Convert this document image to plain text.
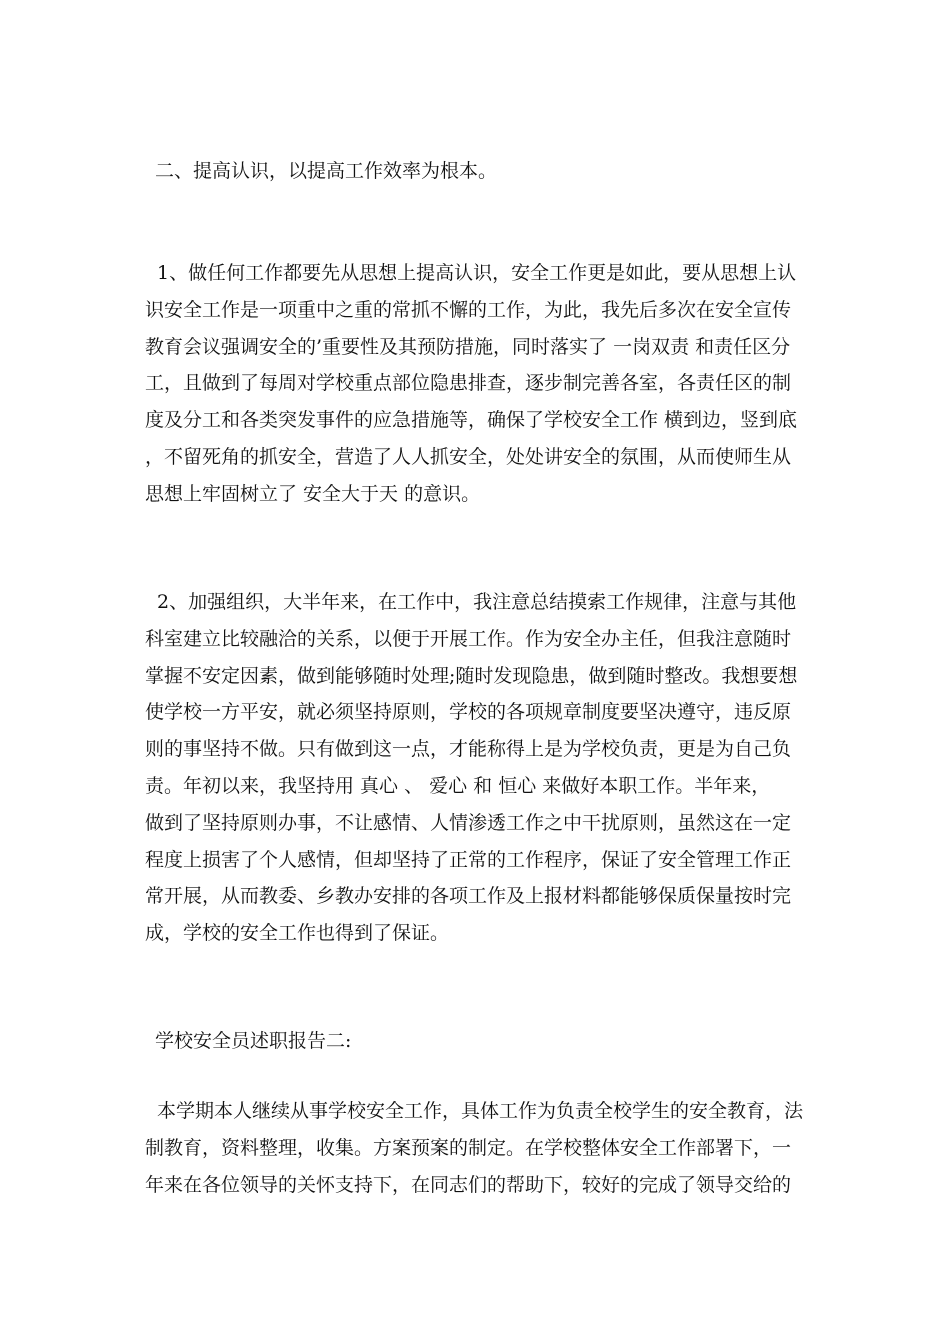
二、提高认识，以提高工作效率为根本。
1、做任何工作都要先从思想上提高认识，安全工作更是如此，要从思想上认
识安全工作是一项重中之重的常抓不懈的工作，为此，我先后多次在安全宣传
教育会议强调安全的’重要性及其预防措施，同时落实了 一岗双责 和责任区分
工，且做到了每周对学校重点部位隐患排查，逐步制完善各室，各责任区的制
度及分工和各类突发事件的应急措施等，确保了学校安全工作 横到边，竖到底
，不留死角的抓安全，营造了人人抓安全，处处讲安全的氛围，从而使师生从
思想上牢固树立了 安全大于天 的意识。
2、加强组织，大半年来，在工作中，我注意总结摸索工作规律，注意与其他
科室建立比较融洽的关系，以便于开展工作。作为安全办主任，但我注意随时
掌握不安定因素，做到能够随时处理;随时发现隐患，做到随时整改。我想要想
使学校一方平安，就必须坚持原则，学校的各项规章制度要坚决遵守，违反原
则的事坚持不做。只有做到这一点，才能称得上是为学校负责，更是为自己负
责。年初以来，我坚持用 真心 、 爱心 和 恒心 来做好本职工作。半年来，
做到了坚持原则办事，不让感情、人情渗透工作之中干扰原则，虽然这在一定
程度上损害了个人感情，但却坚持了正常的工作程序，保证了安全管理工作正
常开展，从而教委、乡教办安排的各项工作及上报材料都能够保质保量按时完
成，学校的安全工作也得到了保证。
学校安全员述职报告二:
本学期本人继续从事学校安全工作，具体工作为负责全校学生的安全教育，法
制教育，资料整理，收集。方案预案的制定。在学校整体安全工作部署下，一
年来在各位领导的关怀支持下，在同志们的帮助下，较好的完成了领导交给的
